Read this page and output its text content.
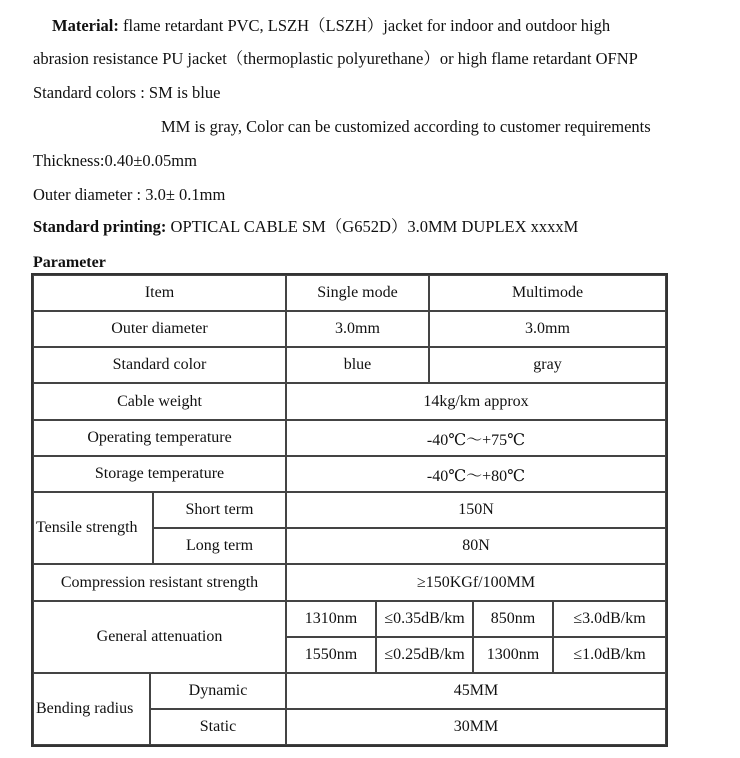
Material: flame retardant PVC, LSZH（LSZH）jacket for indoor and outdoor high
abrasion resistance PU jacket（thermoplastic polyurethane）or high flame retardant OFNP
Standard colors : SM is blue
MM is gray, Color can be customized according to customer requirements
Thickness:0.40±0.05mm
Outer diameter : 3.0± 0.1mm
Standard printing: OPTICAL CABLE SM（G652D）3.0MM DUPLEX xxxxM
Parameter
Item	Single mode	Multimode
Outer diameter	3.0mm	3.0mm
Standard color	blue	gray
Cable weight	14kg/km approx
Operating temperature	-40℃～+75℃
Storage temperature	-40℃～+80℃
Tensile strength
Short term	150N
Long term	80N
Compression resistant strength	≥150KGf/100MM
General attenuation
1310nm ≤0.35dB/km 850nm ≤3.0dB/km
1550nm ≤0.25dB/km 1300nm ≤1.0dB/km
Bending radius
Dynamic	45MM
Static	30MM
